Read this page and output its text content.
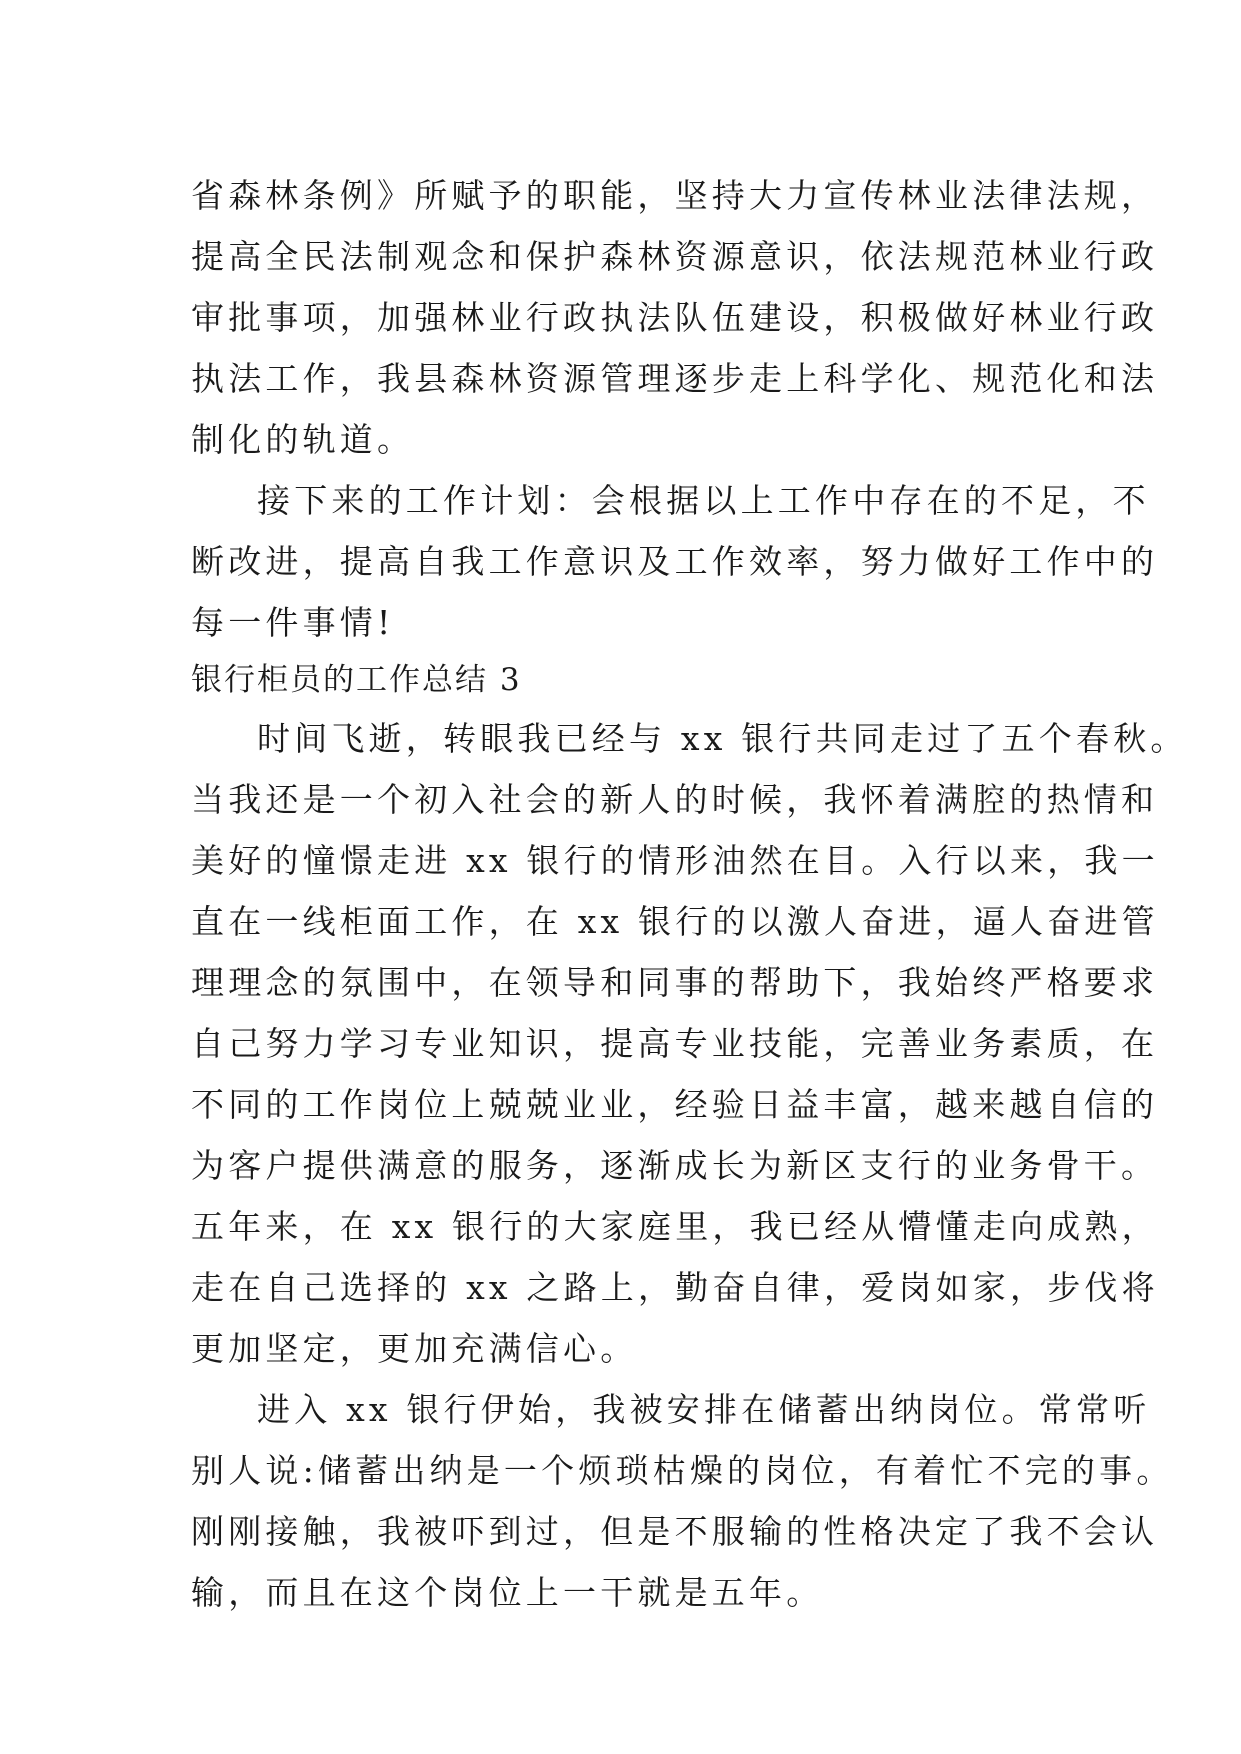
省森林条例》所赋予的职能，坚持大力宣传林业法律法规，
提高全民法制观念和保护森林资源意识，依法规范林业行政
审批事项，加强林业行政执法队伍建设，积极做好林业行政
执法工作，我县森林资源管理逐步走上科学化、规范化和法
制化的轨道。
接下来的工作计划：会根据以上工作中存在的不足，不
断改进，提高自我工作意识及工作效率，努力做好工作中的
每一件事情!
银行柜员的工作总结 3
时间飞逝，转眼我已经与 xx 银行共同走过了五个春秋。
当我还是一个初入社会的新人的时候，我怀着满腔的热情和
美好的憧憬走进 xx 银行的情形油然在目。入行以来，我一
直在一线柜面工作，在 xx 银行的以激人奋进，逼人奋进管
理理念的氛围中，在领导和同事的帮助下，我始终严格要求
自己努力学习专业知识，提高专业技能，完善业务素质，在
不同的工作岗位上兢兢业业，经验日益丰富，越来越自信的
为客户提供满意的服务，逐渐成长为新区支行的业务骨干。
五年来，在 xx 银行的大家庭里，我已经从懵懂走向成熟，
走在自己选择的 xx 之路上，勤奋自律，爱岗如家，步伐将
更加坚定，更加充满信心。
进入 xx 银行伊始，我被安排在储蓄出纳岗位。常常听
别人说:储蓄出纳是一个烦琐枯燥的岗位，有着忙不完的事。
刚刚接触，我被吓到过，但是不服输的性格决定了我不会认
输，而且在这个岗位上一干就是五年。
